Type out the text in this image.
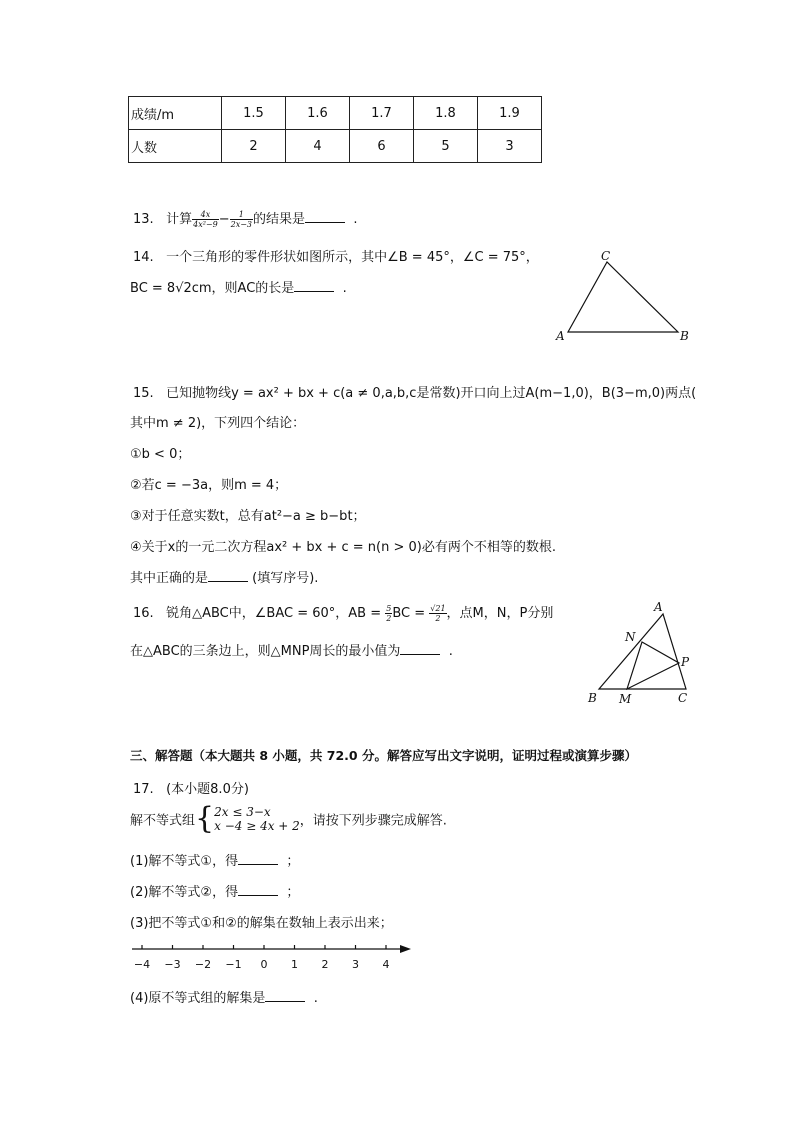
成绩/m	1.5	1.6	1.7	1.8	1.9
人数	2	4	6	5	3
13. 计算 $\frac{4x}{\text{4x²−9}} - \frac{1}{2x-3}$ 的结果是	.
14. 一个三角形的零件形状如图所示，其中∠B = 45°，∠C = 75°，
BC = 8√2cm，则AC的长是	.
C
A	B
15. 已知抛物线y = ax² + bx + c(a ≠ 0,a,b,c是常数)开口向上过A(m−1,0)，B(3−m,0)两点(
其中m ≠ 2)，下列四个结论：
①b < 0；
②若c = −3a，则m = 4；
③对于任意实数t，总有at²−a ≥ b−bt；
④关于x的一元二次方程ax² + bx + c = n(n > 0)必有两个不相等的数根.
其中正确的是	(填写序号).
16. 锐角△ABC中，∠BAC = 60°，AB = $\frac{5}{2}$ BC = $\frac{√21}{2}$ ，点M，N，P分别
在△ABC的三条边上，则△MNP周长的最小值为	.
A
N
P
B M	C
三、解答题（本大题共 8 小题，共 72.0 分。解答应写出文字说明，证明过程或演算步骤）
17. (本小题8.0分)
解不等式组{ 2x ≤ 3−x
x −4 ≥ 4x + 2 ，请按下列步骤完成解答.
(1)解不等式①，得	；
(2)解不等式②，得	；
(3)把不等式①和②的解集在数轴上表示出来；
−4 −3 −2 −1 0 1 2 3 4
(4)原不等式组的解集是	.
